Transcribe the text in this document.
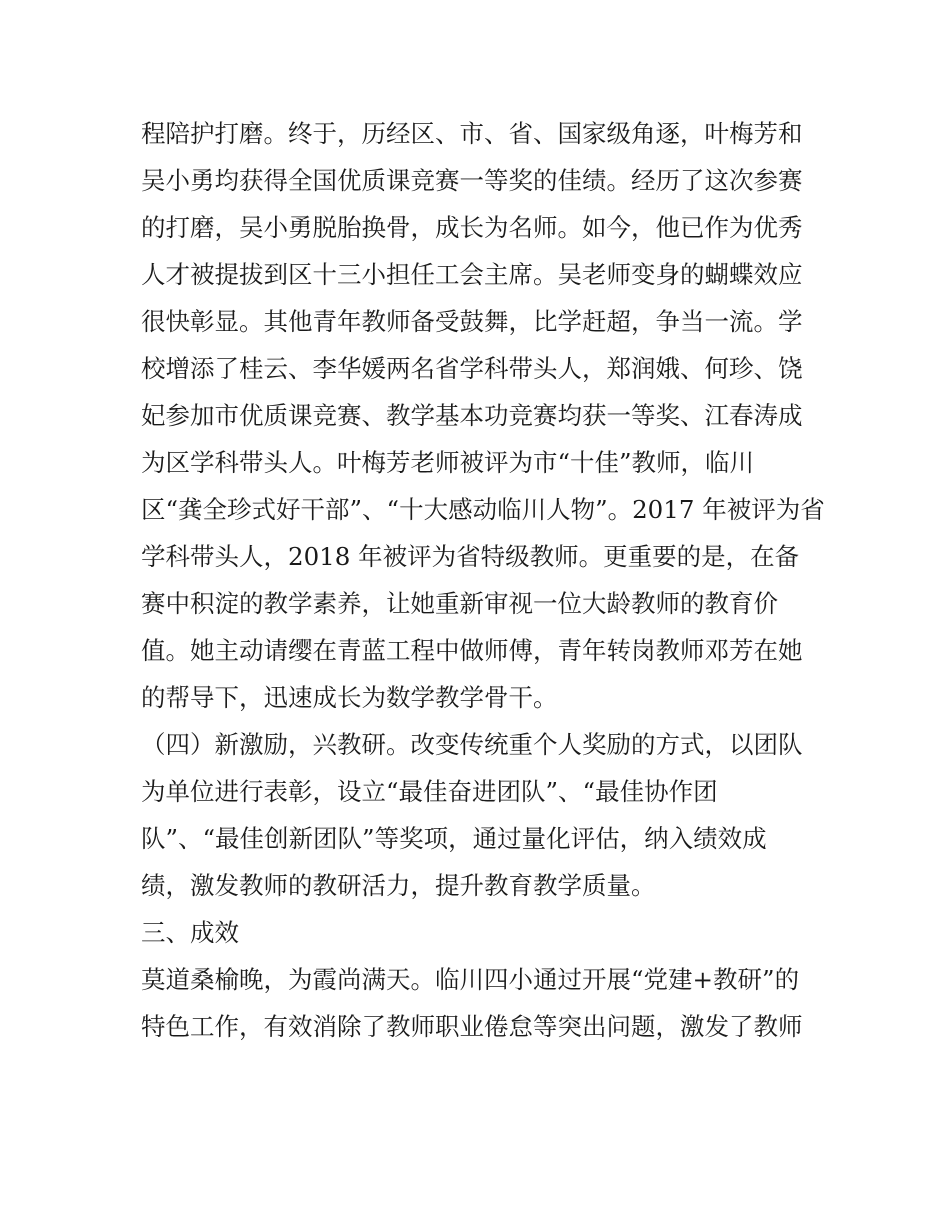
程陪护打磨。终于，历经区、市、省、国家级角逐，叶梅芳和
吴小勇均获得全国优质课竞赛一等奖的佳绩。经历了这次参赛
的打磨，吴小勇脱胎换骨，成长为名师。如今，他已作为优秀
人才被提拔到区十三小担任工会主席。吴老师变身的蝴蝶效应
很快彰显。其他青年教师备受鼓舞，比学赶超，争当一流。学
校增添了桂云、李华媛两名省学科带头人，郑润娥、何珍、饶
妃参加市优质课竞赛、教学基本功竞赛均获一等奖、江春涛成
为区学科带头人。叶梅芳老师被评为市“十佳”教师，临川
区“龚全珍式好干部”、“十大感动临川人物”。2017 年被评为省
学科带头人，2018 年被评为省特级教师。更重要的是，在备
赛中积淀的教学素养，让她重新审视一位大龄教师的教育价
值。她主动请缨在青蓝工程中做师傅，青年转岗教师邓芳在她
的帮导下，迅速成长为数学教学骨干。
（四）新激励，兴教研。改变传统重个人奖励的方式，以团队
为单位进行表彰，设立“最佳奋进团队”、“最佳协作团
队”、“最佳创新团队”等奖项，通过量化评估，纳入绩效成
绩，激发教师的教研活力，提升教育教学质量。
三、成效
莫道桑榆晚，为霞尚满天。临川四小通过开展“党建+教研”的
特色工作，有效消除了教师职业倦怠等突出问题，激发了教师
